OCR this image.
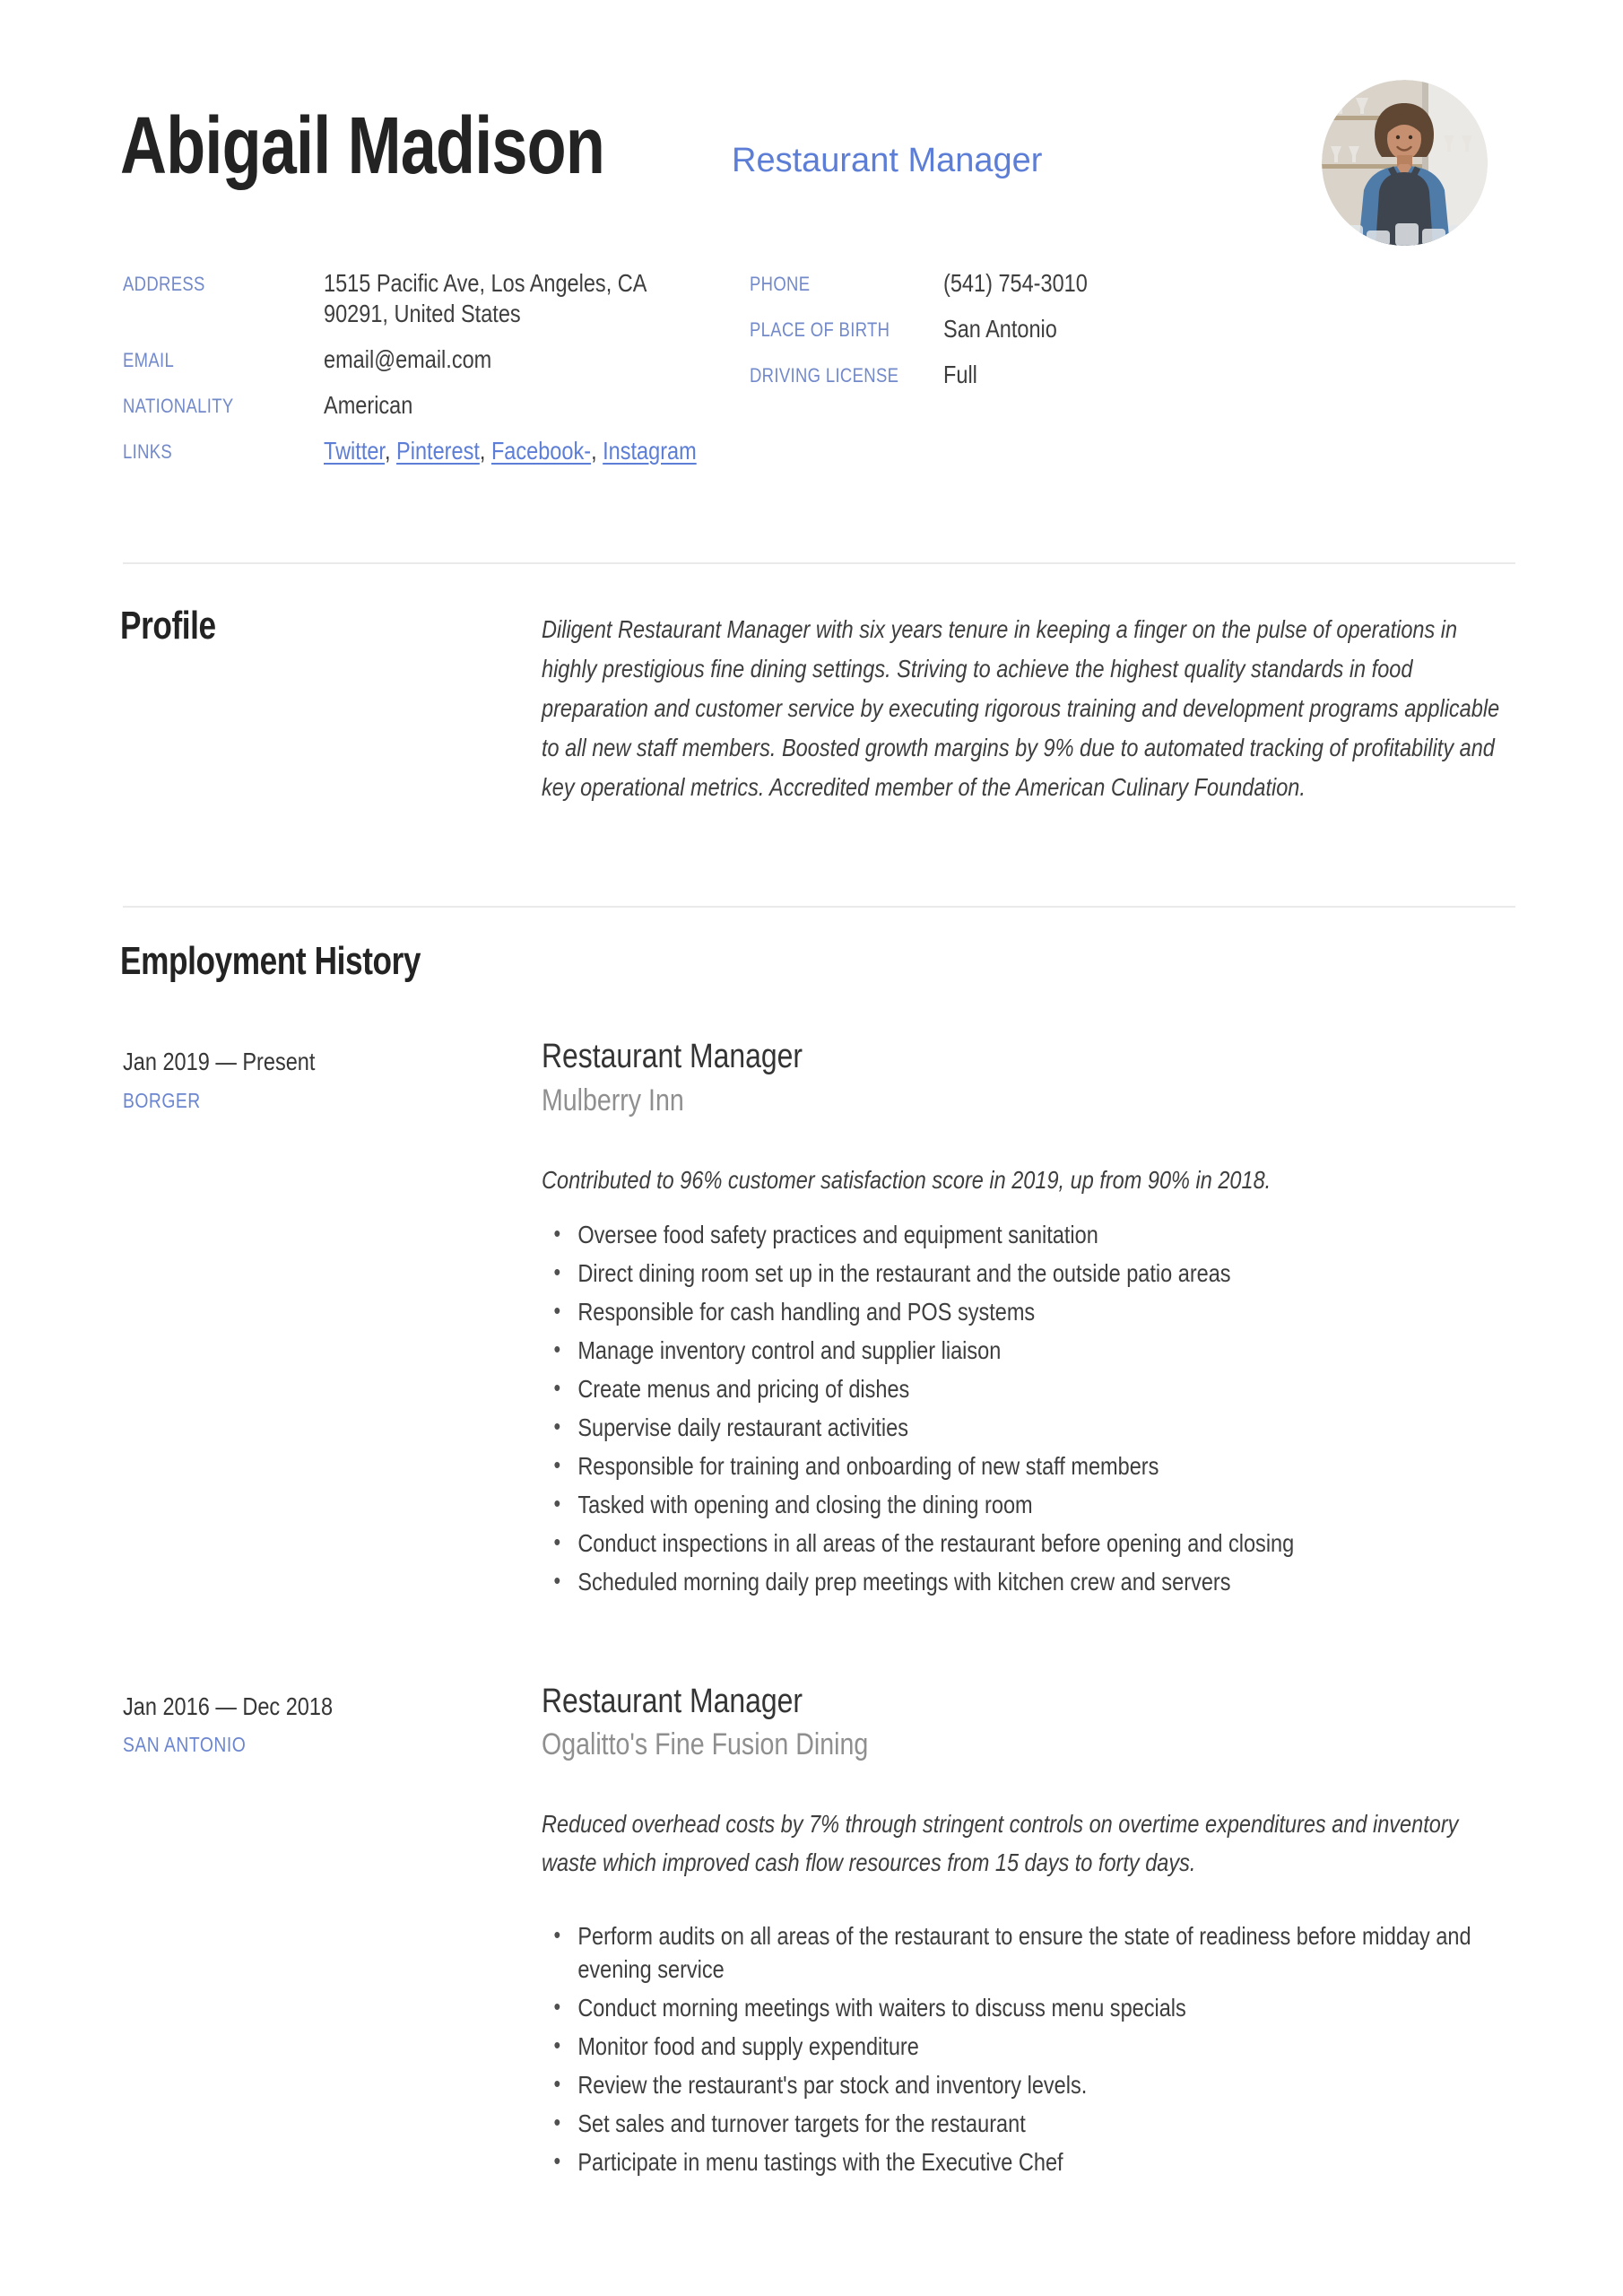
Abigail Madison	Restaurant Manager
ADDRESS	1515 Pacific Ave, Los Angeles, CA 90291, United States
EMAIL	email@email.com
NATIONALITY	American
LINKS	Twitter, Pinterest, Facebook-, Instagram
PHONE	(541) 754-3010
PLACE OF BIRTH	San Antonio
DRIVING LICENSE	Full
Profile	Diligent Restaurant Manager with six years tenure in keeping a finger on the pulse of operations in highly prestigious fine dining settings. Striving to achieve the highest quality standards in food preparation and customer service by executing rigorous training and development programs applicable to all new staff members. Boosted growth margins by 9% due to automated tracking of profitability and key operational metrics. Accredited member of the American Culinary Foundation.
Employment History
Jan 2019 — Present
BORGER
Restaurant Manager
Mulberry Inn
Contributed to 96% customer satisfaction score in 2019, up from 90% in 2018.
• Oversee food safety practices and equipment sanitation
• Direct dining room set up in the restaurant and the outside patio areas
• Responsible for cash handling and POS systems
• Manage inventory control and supplier liaison
• Create menus and pricing of dishes
• Supervise daily restaurant activities
• Responsible for training and onboarding of new staff members
• Tasked with opening and closing the dining room
• Conduct inspections in all areas of the restaurant before opening and closing
• Scheduled morning daily prep meetings with kitchen crew and servers
Jan 2016 — Dec 2018
SAN ANTONIO
Restaurant Manager
Ogalitto's Fine Fusion Dining
Reduced overhead costs by 7% through stringent controls on overtime expenditures and inventory waste which improved cash flow resources from 15 days to forty days.
• Perform audits on all areas of the restaurant to ensure the state of readiness before midday and evening service
• Conduct morning meetings with waiters to discuss menu specials
• Monitor food and supply expenditure
• Review the restaurant's par stock and inventory levels.
• Set sales and turnover targets for the restaurant
• Participate in menu tastings with the Executive Chef
